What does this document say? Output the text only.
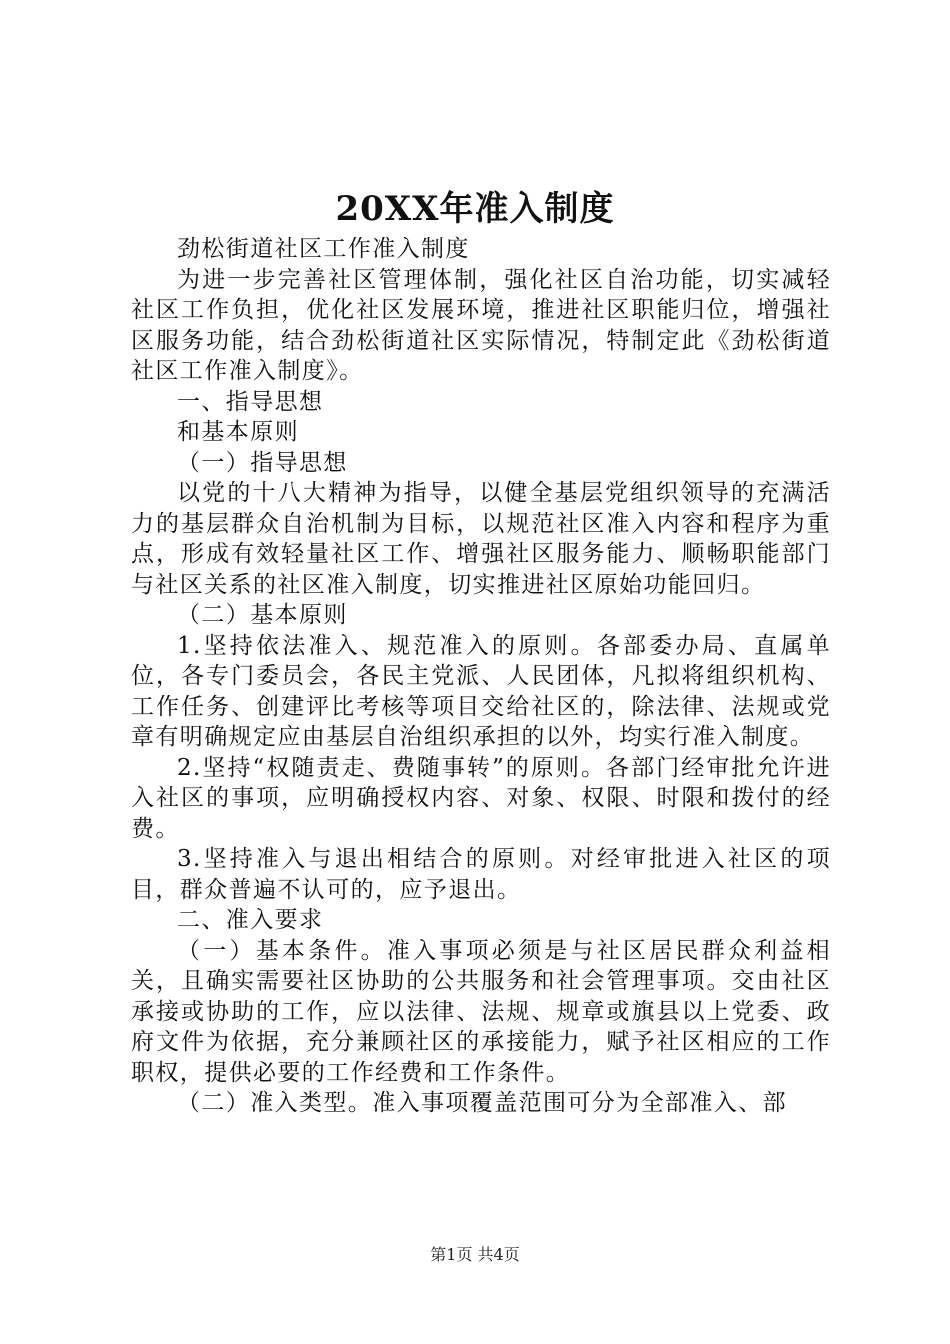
20XX年准入制度

劲松街道社区工作准入制度

为进一步完善社区管理体制，强化社区自治功能，切实减轻社区工作负担，优化社区发展环境，推进社区职能归位，增强社区服务功能，结合劲松街道社区实际情况，特制定此《劲松街道社区工作准入制度》。

一、指导思想

和基本原则

（一）指导思想

以党的十八大精神为指导，以健全基层党组织领导的充满活力的基层群众自治机制为目标，以规范社区准入内容和程序为重点，形成有效轻量社区工作、增强社区服务能力、顺畅职能部门与社区关系的社区准入制度，切实推进社区原始功能回归。

（二）基本原则

1.坚持依法准入、规范准入的原则。各部委办局、直属单位，各专门委员会，各民主党派、人民团体，凡拟将组织机构、工作任务、创建评比考核等项目交给社区的，除法律、法规或党章有明确规定应由基层自治组织承担的以外，均实行准入制度。

2.坚持“权随责走、费随事转”的原则。各部门经审批允许进入社区的事项，应明确授权内容、对象、权限、时限和拨付的经费。

3.坚持准入与退出相结合的原则。对经审批进入社区的项目，群众普遍不认可的，应予退出。

二、准入要求

（一）基本条件。准入事项必须是与社区居民群众利益相关，且确实需要社区协助的公共服务和社会管理事项。交由社区承接或协助的工作，应以法律、法规、规章或旗县以上党委、政府文件为依据，充分兼顾社区的承接能力，赋予社区相应的工作职权，提供必要的工作经费和工作条件。

（二）准入类型。准入事项覆盖范围可分为全部准入、部

第1页 共4页
